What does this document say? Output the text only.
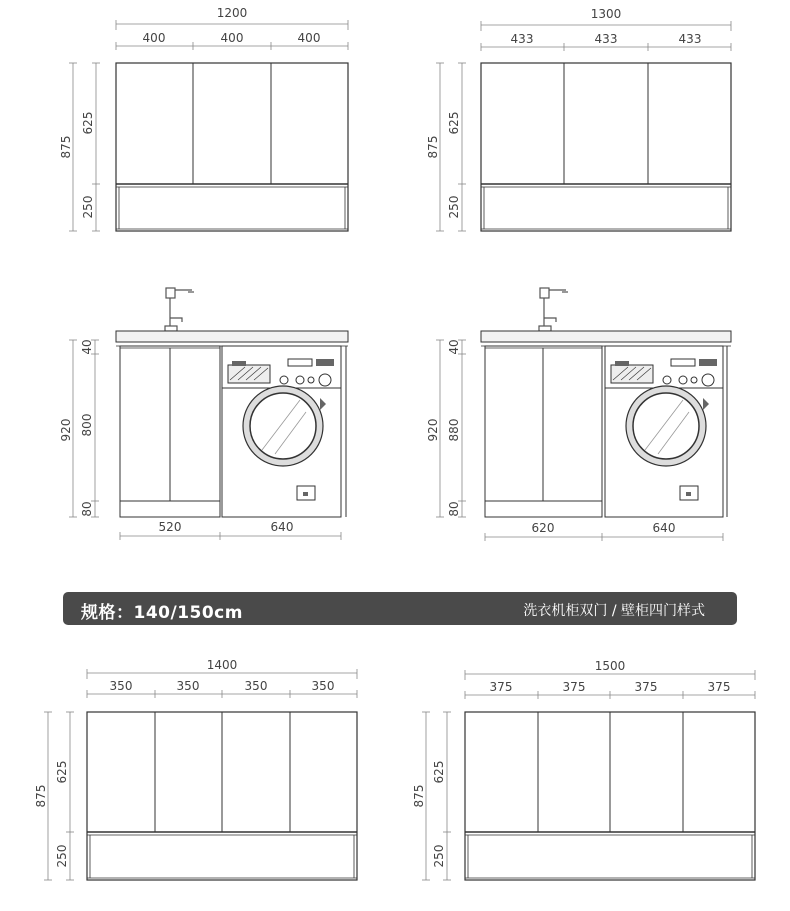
1200
400	400	400
875
625
250
1300
433	433	433
875
625
250
520	640
920
40
800
80
620	640
920
40
880
80
1400
350	350	350	350
875
625
250
1500
375	375	375	375
875
625
250
规格：140/150cm	洗衣机柜双门 / 壁柜四门样式
